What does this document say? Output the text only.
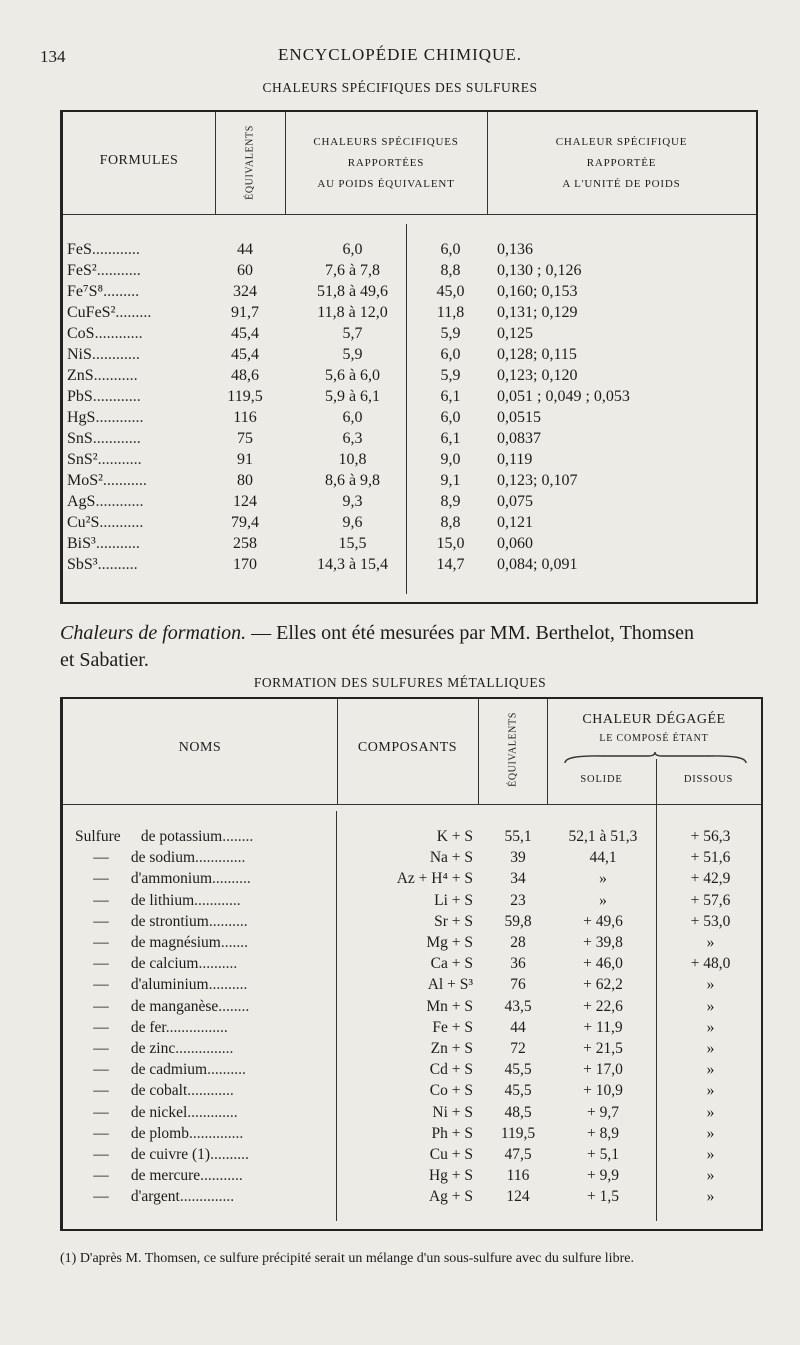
134	ENCYCLOPÉDIE CHIMIQUE.
CHALEURS SPÉCIFIQUES DES SULFURES
FORMULES	ÉQUIVALENTS	CHALEURS SPÉCIFIQUES
RAPPORTÉES
AU POIDS ÉQUIVALENT
CHALEUR SPÉCIFIQUE
RAPPORTÉE
A L'UNITÉ DE POIDS
FeS............	44	6,0	6,0	0,136
FeS²...........	60	7,6 à 7,8	8,8	0,130 ; 0,126
Fe⁷S⁸.........	324	51,8 à 49,6	45,0	0,160; 0,153
CuFeS².........	91,7	11,8 à 12,0	11,8	0,131; 0,129
CoS............	45,4	5,7	5,9	0,125
NiS............	45,4	5,9	6,0	0,128; 0,115
ZnS...........	48,6	5,6 à 6,0	5,9	0,123; 0,120
PbS............	119,5	5,9 à 6,1	6,1	0,051 ; 0,049 ; 0,053
HgS............	116	6,0	6,0	0,0515
SnS............	75	6,3	6,1	0,0837
SnS²...........	91	10,8	9,0	0,119
MoS²...........	80	8,6 à 9,8	9,1	0,123; 0,107
AgS............	124	9,3	8,9	0,075
Cu²S...........	79,4	9,6	8,8	0,121
BiS³...........	258	15,5	15,0	0,060
SbS³..........	170	14,3 à 15,4	14,7	0,084; 0,091
Chaleurs de formation. — Elles ont été mesurées par MM. Berthelot, Thomsen
et Sabatier.
FORMATION DES SULFURES MÉTALLIQUES
NOMS	COMPOSANTS	ÉQUIVALENTS	CHALEUR DÉGAGÉE
LE COMPOSÉ ÉTANT
SOLIDE	DISSOUS
Sulfure de potassium........	K + S	55,1	52,1 à 51,3	+ 56,3
— de sodium.............	Na + S	39	44,1	+ 51,6
— d'ammonium..........	Az + H⁴ + S	34	»	+ 42,9
— de lithium............	Li + S	23	»	+ 57,6
— de strontium..........	Sr + S	59,8	+ 49,6	+ 53,0
— de magnésium.......	Mg + S	28	+ 39,8	»
— de calcium..........	Ca + S	36	+ 46,0	+ 48,0
— d'aluminium..........	Al + S³	76	+ 62,2	»
— de manganèse........	Mn + S	43,5	+ 22,6	»
— de fer................	Fe + S	44	+ 11,9	»
— de zinc...............	Zn + S	72	+ 21,5	»
— de cadmium..........	Cd + S	45,5	+ 17,0	»
— de cobalt............	Co + S	45,5	+ 10,9	»
— de nickel.............	Ni + S	48,5	+ 9,7	»
— de plomb..............	Ph + S	119,5	+ 8,9	»
— de cuivre (1)..........	Cu + S	47,5	+ 5,1	»
— de mercure...........	Hg + S	116	+ 9,9	»
— d'argent..............	Ag + S	124	+ 1,5	»
(1) D'après M. Thomsen, ce sulfure précipité serait un mélange d'un sous-sulfure avec du sulfure libre.
